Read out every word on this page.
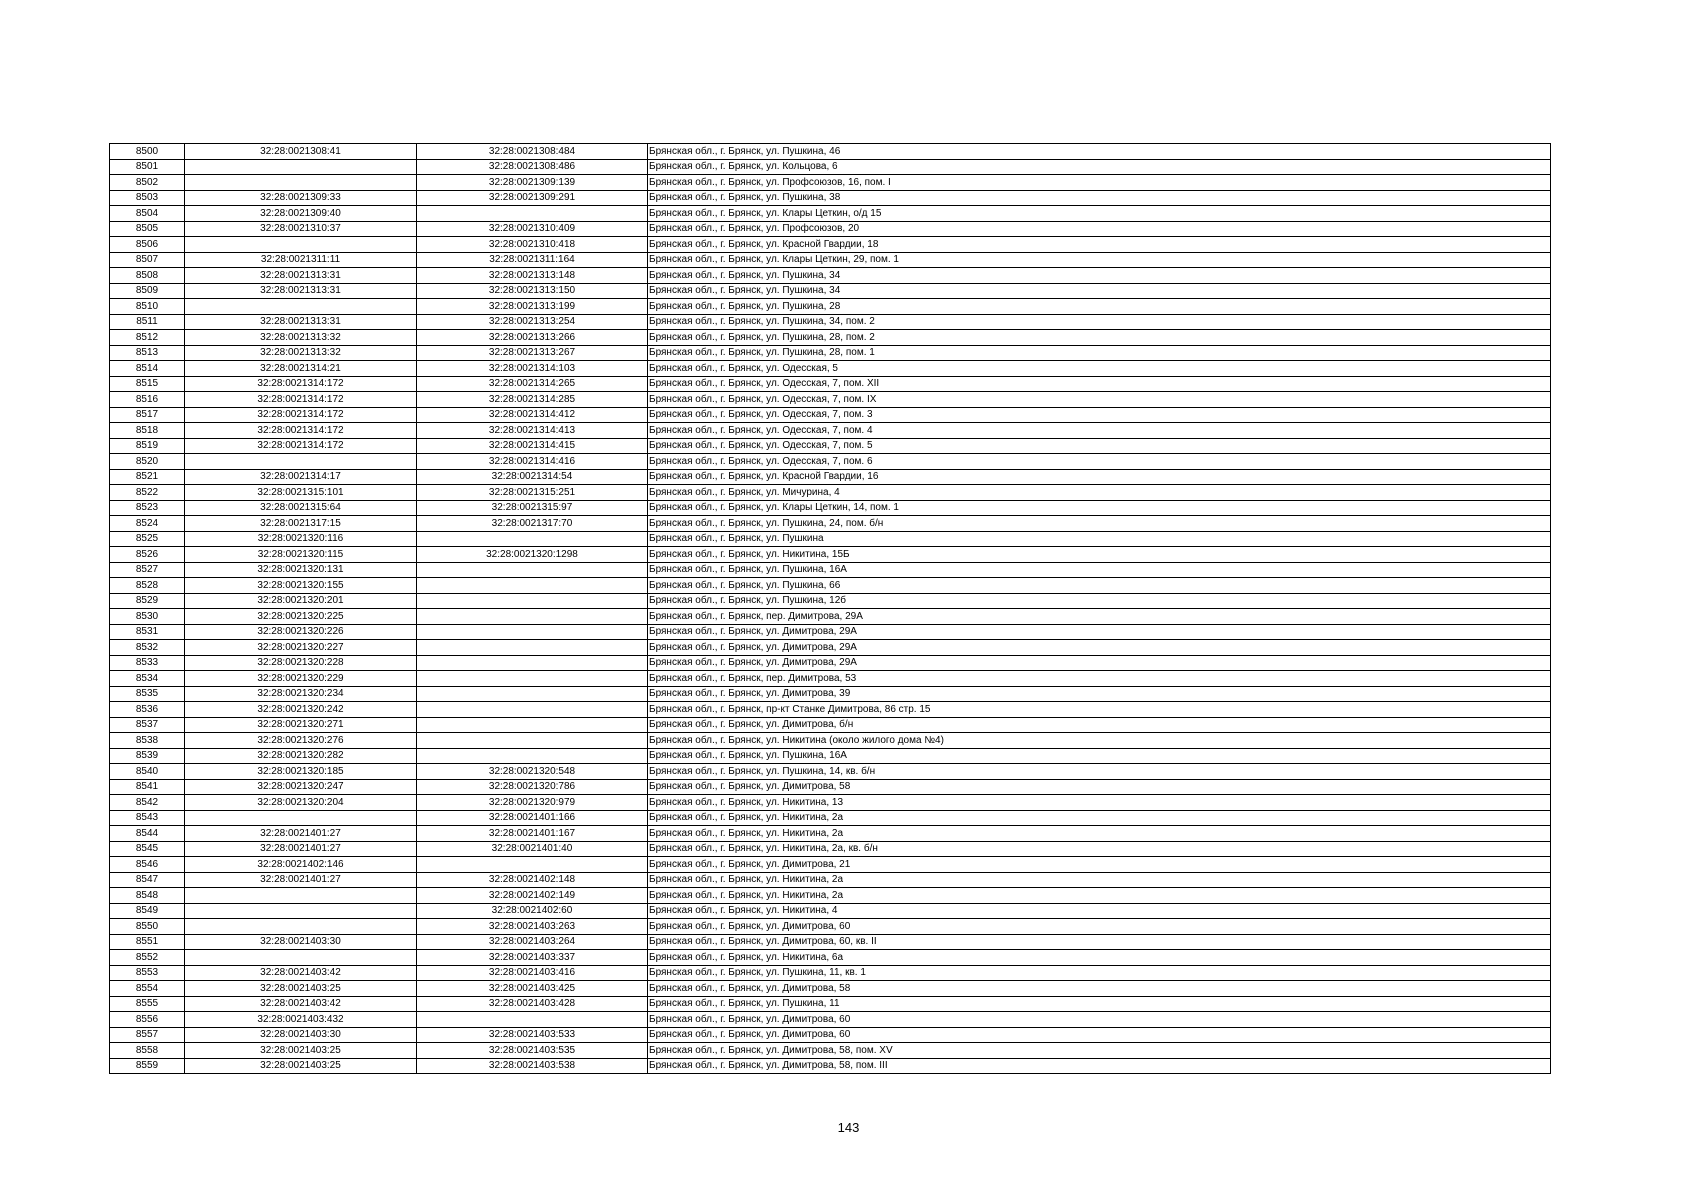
8500	32:28:0021308:41	32:28:0021308:484	Брянская обл., г. Брянск, ул. Пушкина, 46
8501		32:28:0021308:486	Брянская обл., г. Брянск, ул. Кольцова, 6
8502		32:28:0021309:139	Брянская обл., г. Брянск, ул. Профсоюзов, 16, пом. I
8503	32:28:0021309:33	32:28:0021309:291	Брянская обл., г. Брянск, ул. Пушкина, 38
8504	32:28:0021309:40		Брянская обл., г. Брянск, ул. Клары Цеткин, о/д 15
8505	32:28:0021310:37	32:28:0021310:409	Брянская обл., г. Брянск, ул. Профсоюзов, 20
8506		32:28:0021310:418	Брянская обл., г. Брянск, ул. Красной Гвардии, 18
8507	32:28:0021311:11	32:28:0021311:164	Брянская обл., г. Брянск, ул. Клары Цеткин, 29, пом. 1
8508	32:28:0021313:31	32:28:0021313:148	Брянская обл., г. Брянск, ул. Пушкина, 34
8509	32:28:0021313:31	32:28:0021313:150	Брянская обл., г. Брянск, ул. Пушкина, 34
8510		32:28:0021313:199	Брянская обл., г. Брянск, ул. Пушкина, 28
8511	32:28:0021313:31	32:28:0021313:254	Брянская обл., г. Брянск, ул. Пушкина, 34, пом. 2
8512	32:28:0021313:32	32:28:0021313:266	Брянская обл., г. Брянск, ул. Пушкина, 28, пом. 2
8513	32:28:0021313:32	32:28:0021313:267	Брянская обл., г. Брянск, ул. Пушкина, 28, пом. 1
8514	32:28:0021314:21	32:28:0021314:103	Брянская обл., г. Брянск, ул. Одесская, 5
8515	32:28:0021314:172	32:28:0021314:265	Брянская обл., г. Брянск, ул. Одесская, 7, пом. XII
8516	32:28:0021314:172	32:28:0021314:285	Брянская обл., г. Брянск, ул. Одесская, 7, пом. IX
8517	32:28:0021314:172	32:28:0021314:412	Брянская обл., г. Брянск, ул. Одесская, 7, пом. 3
8518	32:28:0021314:172	32:28:0021314:413	Брянская обл., г. Брянск, ул. Одесская, 7, пом. 4
8519	32:28:0021314:172	32:28:0021314:415	Брянская обл., г. Брянск, ул. Одесская, 7, пом. 5
8520		32:28:0021314:416	Брянская обл., г. Брянск, ул. Одесская, 7, пом. 6
8521	32:28:0021314:17	32:28:0021314:54	Брянская обл., г. Брянск, ул. Красной Гвардии, 16
8522	32:28:0021315:101	32:28:0021315:251	Брянская обл., г. Брянск, ул. Мичурина, 4
8523	32:28:0021315:64	32:28:0021315:97	Брянская обл., г. Брянск, ул. Клары Цеткин, 14, пом. 1
8524	32:28:0021317:15	32:28:0021317:70	Брянская обл., г. Брянск, ул. Пушкина, 24, пом. б/н
8525	32:28:0021320:116		Брянская обл., г. Брянск, ул. Пушкина
8526	32:28:0021320:115	32:28:0021320:1298	Брянская обл., г. Брянск, ул. Никитина, 15Б
8527	32:28:0021320:131		Брянская обл., г. Брянск, ул. Пушкина, 16А
8528	32:28:0021320:155		Брянская обл., г. Брянск, ул. Пушкина, 66
8529	32:28:0021320:201		Брянская обл., г. Брянск, ул. Пушкина, 12б
8530	32:28:0021320:225		Брянская обл., г. Брянск, пер. Димитрова, 29А
8531	32:28:0021320:226		Брянская обл., г. Брянск, ул. Димитрова, 29А
8532	32:28:0021320:227		Брянская обл., г. Брянск, ул. Димитрова, 29А
8533	32:28:0021320:228		Брянская обл., г. Брянск, ул. Димитрова, 29А
8534	32:28:0021320:229		Брянская обл., г. Брянск, пер. Димитрова, 53
8535	32:28:0021320:234		Брянская обл., г. Брянск, ул. Димитрова, 39
8536	32:28:0021320:242		Брянская обл., г. Брянск, пр-кт Станке Димитрова, 86 стр. 15
8537	32:28:0021320:271		Брянская обл., г. Брянск, ул. Димитрова, б/н
8538	32:28:0021320:276		Брянская обл., г. Брянск, ул. Никитина (около жилого дома №4)
8539	32:28:0021320:282		Брянская обл., г. Брянск, ул. Пушкина, 16А
8540	32:28:0021320:185	32:28:0021320:548	Брянская обл., г. Брянск, ул. Пушкина, 14, кв. б/н
8541	32:28:0021320:247	32:28:0021320:786	Брянская обл., г. Брянск, ул. Димитрова, 58
8542	32:28:0021320:204	32:28:0021320:979	Брянская обл., г. Брянск, ул. Никитина, 13
8543		32:28:0021401:166	Брянская обл., г. Брянск, ул. Никитина, 2а
8544	32:28:0021401:27	32:28:0021401:167	Брянская обл., г. Брянск, ул. Никитина, 2а
8545	32:28:0021401:27	32:28:0021401:40	Брянская обл., г. Брянск, ул. Никитина, 2а, кв. б/н
8546	32:28:0021402:146		Брянская обл., г. Брянск, ул. Димитрова, 21
8547	32:28:0021401:27	32:28:0021402:148	Брянская обл., г. Брянск, ул. Никитина, 2а
8548		32:28:0021402:149	Брянская обл., г. Брянск, ул. Никитина, 2а
8549		32:28:0021402:60	Брянская обл., г. Брянск, ул. Никитина, 4
8550		32:28:0021403:263	Брянская обл., г. Брянск, ул. Димитрова, 60
8551	32:28:0021403:30	32:28:0021403:264	Брянская обл., г. Брянск, ул. Димитрова, 60, кв. II
8552		32:28:0021403:337	Брянская обл., г. Брянск, ул. Никитина, 6а
8553	32:28:0021403:42	32:28:0021403:416	Брянская обл., г. Брянск, ул. Пушкина, 11, кв. 1
8554	32:28:0021403:25	32:28:0021403:425	Брянская обл., г. Брянск, ул. Димитрова, 58
8555	32:28:0021403:42	32:28:0021403:428	Брянская обл., г. Брянск, ул. Пушкина, 11
8556	32:28:0021403:432		Брянская обл., г. Брянск, ул. Димитрова, 60
8557	32:28:0021403:30	32:28:0021403:533	Брянская обл., г. Брянск, ул. Димитрова, 60
8558	32:28:0021403:25	32:28:0021403:535	Брянская обл., г. Брянск, ул. Димитрова, 58, пом. XV
8559	32:28:0021403:25	32:28:0021403:538	Брянская обл., г. Брянск, ул. Димитрова, 58, пом. III
143
